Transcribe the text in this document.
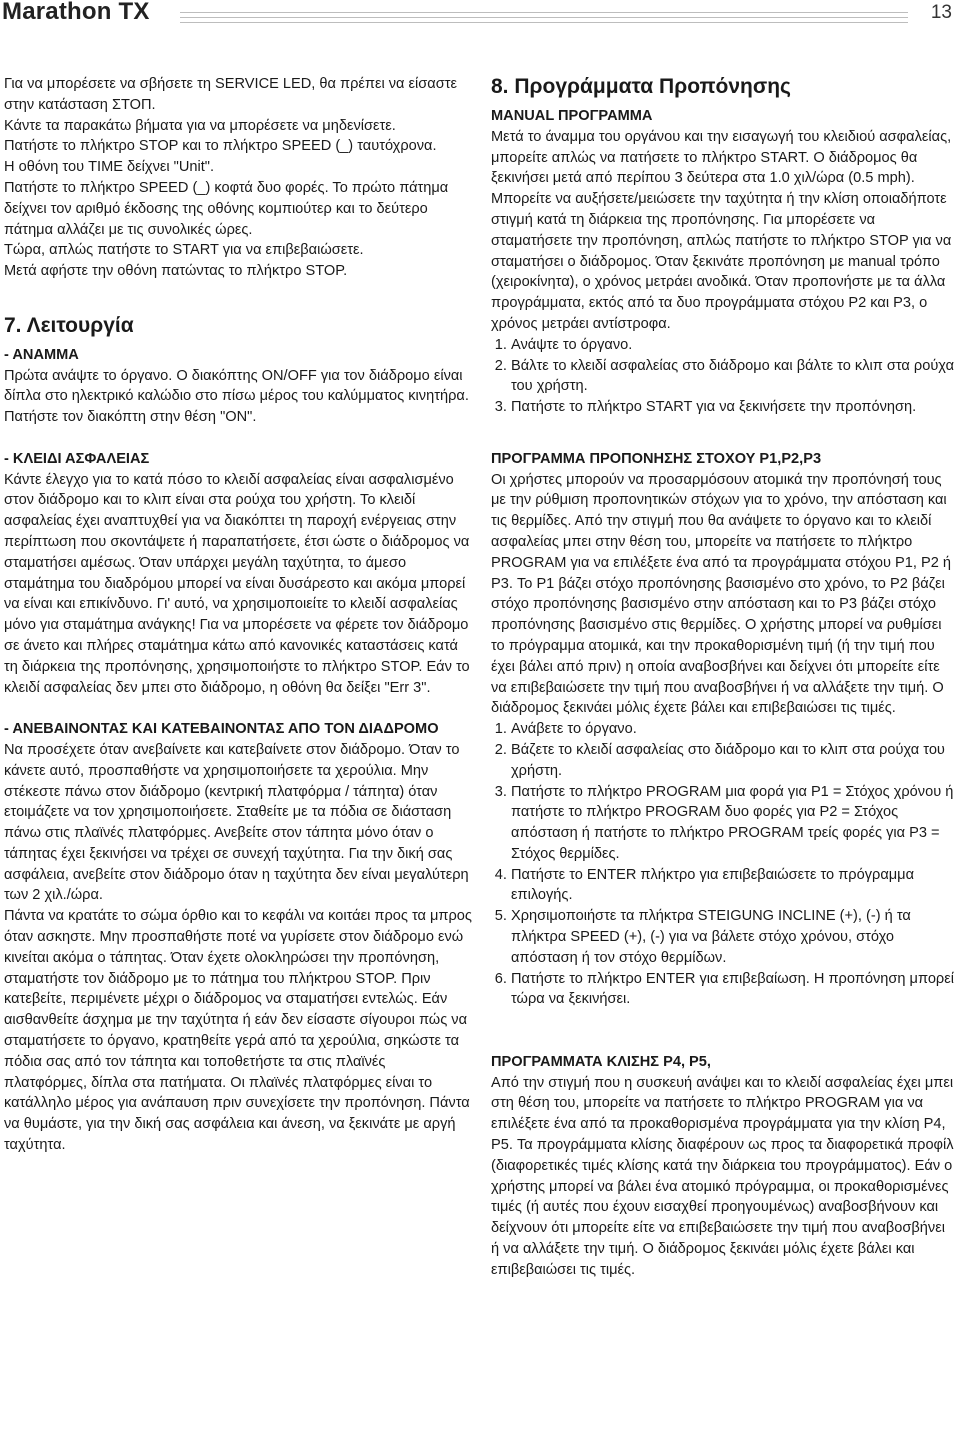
Marathon TX	13

Για να μπορέσετε να σβήσετε τη SERVICE LED, θα πρέπει να είσαστε στην κατάσταση ΣΤΟΠ.

Κάντε τα παρακάτω βήματα για να μπορέσετε να μηδενίσετε.

Πατήστε το πλήκτρο STOP και το πλήκτρο SPEED (_) ταυτόχρονα.

Η οθόνη του TIME δείχνει "Unit".

Πατήστε το πλήκτρο SPEED (_) κοφτά δυο φορές. Το πρώτο πάτημα δείχνει τον αριθμό έκδοσης της οθόνης κομπιούτερ και το δεύτερο πάτημα αλλάζει με τις συνολικές ώρες.

Τώρα, απλώς πατήστε το START για να επιβεβαιώσετε.

Μετά αφήστε την οθόνη πατώντας το πλήκτρο STOP.

7. Λειτουργία

- ΑΝΑΜΜΑ

Πρώτα ανάψτε το όργανο. Ο διακόπτης ON/OFF για τον διάδρομο είναι δίπλα στο ηλεκτρικό καλώδιο στο πίσω μέρος του καλύμματος κινητήρα. Πατήστε τον διακόπτη στην θέση "ON".

- ΚΛΕΙΔΙ ΑΣΦΑΛΕΙΑΣ

Κάντε έλεγχο για το κατά πόσο το κλειδί ασφαλείας είναι ασφαλισμένο στον διάδρομο και το κλιπ είναι στα ρούχα του χρήστη. Το κλειδί ασφαλείας έχει αναπτυχθεί για να διακόπτει τη παροχή ενέργειας στην περίπτωση που σκοντάψετε ή παραπατήσετε, έτσι ώστε ο διάδρομος να σταματήσει αμέσως. Όταν υπάρχει μεγάλη ταχύτητα, το άμεσο σταμάτημα του διαδρόμου μπορεί να είναι δυσάρεστο και ακόμα μπορεί να είναι και επικίνδυνο. Γι' αυτό, να χρησιμοποιείτε το κλειδί ασφαλείας μόνο για σταμάτημα ανάγκης! Για να μπορέσετε να φέρετε τον διάδρομο σε άνετο και πλήρες σταμάτημα κάτω από κανονικές καταστάσεις κατά τη διάρκεια της προπόνησης, χρησιμοποιήστε το πλήκτρο STOP. Εάν το κλειδί ασφαλείας δεν μπει στο διάδρομο, η οθόνη θα δείξει "Err 3".

- ΑΝΕΒΑΙΝΟΝΤΑΣ ΚΑΙ ΚΑΤΕΒΑΙΝΟΝΤΑΣ ΑΠΟ ΤΟΝ ΔΙΑΔΡΟΜΟ

Να προσέχετε όταν ανεβαίνετε και κατεβαίνετε στον διάδρομο. Όταν το κάνετε αυτό, προσπαθήστε να χρησιμοποιήσετε τα χερούλια. Μην στέκεστε πάνω στον διάδρομο (κεντρική πλατφόρμα / τάπητα) όταν ετοιμάζετε να τον χρησιμοποιήσετε. Σταθείτε με τα πόδια σε διάσταση πάνω στις πλαϊνές πλατφόρμες. Ανεβείτε στον τάπητα μόνο όταν ο τάπητας έχει ξεκινήσει να τρέχει σε συνεχή ταχύτητα. Για την δική σας ασφάλεια, ανεβείτε στον διάδρομο όταν η ταχύτητα δεν είναι μεγαλύτερη των 2 χιλ./ώρα.

Πάντα να κρατάτε το σώμα όρθιο και το κεφάλι να κοιτάει προς τα μπρος όταν ασκηστε. Μην προσπαθήστε ποτέ να γυρίσετε στον διάδρομο ενώ κινείται ακόμα ο τάπητας. Όταν έχετε ολοκληρώσει την προπόνηση, σταματήστε τον διάδρομο με το πάτημα του πλήκτρου STOP. Πριν κατεβείτε, περιμένετε μέχρι ο διάδρομος να σταματήσει εντελώς. Εάν αισθανθείτε άσχημα με την ταχύτητα ή εάν δεν είσαστε σίγουροι πώς να σταματήσετε το όργανο, κρατηθείτε γερά από τα χερούλια, σηκώστε τα πόδια σας από τον τάπητα και τοποθετήστε τα στις πλαϊνές πλατφόρμες, δίπλα στα πατήματα. Οι πλαϊνές πλατφόρμες είναι το κατάλληλο μέρος για ανάπαυση πριν συνεχίσετε την προπόνηση. Πάντα να θυμάστε, για την δική σας ασφάλεια και άνεση, να ξεκινάτε με αργή ταχύτητα.

8. Προγράμματα Προπόνησης

MANUAL ΠΡΟΓΡΑΜΜΑ

Μετά το άναμμα του οργάνου και την εισαγωγή του κλειδιού ασφαλείας, μπορείτε απλώς να πατήσετε το πλήκτρο START. Ο διάδρομος θα ξεκινήσει μετά από περίπου 3 δεύτερα στα 1.0 χιλ/ώρα (0.5 mph).

Μπορείτε να αυξήσετε/μειώσετε την ταχύτητα ή την κλίση οποιαδήποτε στιγμή κατά τη διάρκεια της προπόνησης. Για μπορέσετε να σταματήσετε την προπόνηση, απλώς πατήστε το πλήκτρο STOP για να σταματήσει ο διάδρομος. Όταν ξεκινάτε προπόνηση με manual τρόπο (χειροκίνητα), ο χρόνος μετράει ανοδικά. Όταν προπονήστε με τα άλλα προγράμματα, εκτός από τα δυο προγράμματα στόχου P2 και P3, ο χρόνος μετράει αντίστροφα.

1. Ανάψτε το όργανο.
2. Βάλτε το κλειδί ασφαλείας στο διάδρομο και βάλτε το κλιπ στα ρούχα του χρήστη.
3. Πατήστε το πλήκτρο START για να ξεκινήσετε την προπόνηση.

ΠΡΟΓΡΑΜΜΑ ΠΡΟΠΟΝΗΣΗΣ ΣΤΟΧΟΥ P1,P2,P3

Οι χρήστες μπορούν να προσαρμόσουν ατομικά την προπόνησή τους με την ρύθμιση προπονητικών στόχων για το χρόνο, την απόσταση και τις θερμίδες. Από την στιγμή που θα ανάψετε το όργανο και το κλειδί ασφαλείας μπει στην θέση του, μπορείτε να πατήσετε το πλήκτρο PROGRAM για να επιλέξετε ένα από τα προγράμματα στόχου P1, P2 ή P3. Το P1 βάζει στόχο προπόνησης βασισμένο στο χρόνο, το P2 βάζει στόχο προπόνησης βασισμένο στην απόσταση και το P3 βάζει στόχο προπόνησης βασισμένο στις θερμίδες. Ο χρήστης μπορεί να ρυθμίσει το πρόγραμμα ατομικά, και την προκαθορισμένη τιμή (ή την τιμή που έχει βάλει από πριν) η οποία αναβοσβήνει και δείχνει ότι μπορείτε είτε να επιβεβαιώσετε την τιμή που αναβοσβήνει ή να αλλάξετε την τιμή. Ο διάδρομος ξεκινάει μόλις έχετε βάλει και επιβεβαιώσει τις τιμές.

1. Ανάβετε το όργανο.
2. Βάζετε το κλειδί ασφαλείας στο διάδρομο και το κλιπ στα ρούχα του χρήστη.
3. Πατήστε το πλήκτρο PROGRAM μια φορά για P1 = Στόχος χρόνου ή πατήστε το πλήκτρο PROGRAM δυο φορές για P2 = Στόχος απόσταση ή πατήστε το πλήκτρο PROGRAM τρείς φορές για P3 = Στόχος θερμίδες.
4. Πατήστε το ENTER πλήκτρο για επιβεβαιώσετε το πρόγραμμα επιλογής.
5. Χρησιμοποιήστε τα πλήκτρα STEIGUNG INCLINE (+), (-) ή τα πλήκτρα SPEED (+), (-) για να βάλετε στόχο χρόνου, στόχο απόσταση ή τον στόχο θερμίδων.
6. Πατήστε το πλήκτρο ENTER για επιβεβαίωση. Η προπόνηση μπορεί τώρα να ξεκινήσει.

ΠΡΟΓΡΑΜΜΑΤΑ ΚΛΙΣΗΣ P4, P5,

Από την στιγμή που η συσκευή ανάψει και το κλειδί ασφαλείας έχει μπει στη θέση του, μπορείτε να πατήσετε το πλήκτρο PROGRAM για να επιλέξετε ένα από τα προκαθορισμένα προγράμματα για την κλίση P4, P5. Τα προγράμματα κλίσης διαφέρουν ως προς τα διαφορετικά προφίλ (διαφορετικές τιμές κλίσης κατά την διάρκεια του προγράμματος). Εάν ο χρήστης μπορεί να βάλει ένα ατομικό πρόγραμμα, οι προκαθορισμένες τιμές (ή αυτές που έχουν εισαχθεί προηγουμένως) αναβοσβήνουν και δείχνουν ότι μπορείτε είτε να επιβεβαιώσετε την τιμή που αναβοσβήνει ή να αλλάξετε την τιμή. Ο διάδρομος ξεκινάει μόλις έχετε βάλει και επιβεβαιώσει τις τιμές.
